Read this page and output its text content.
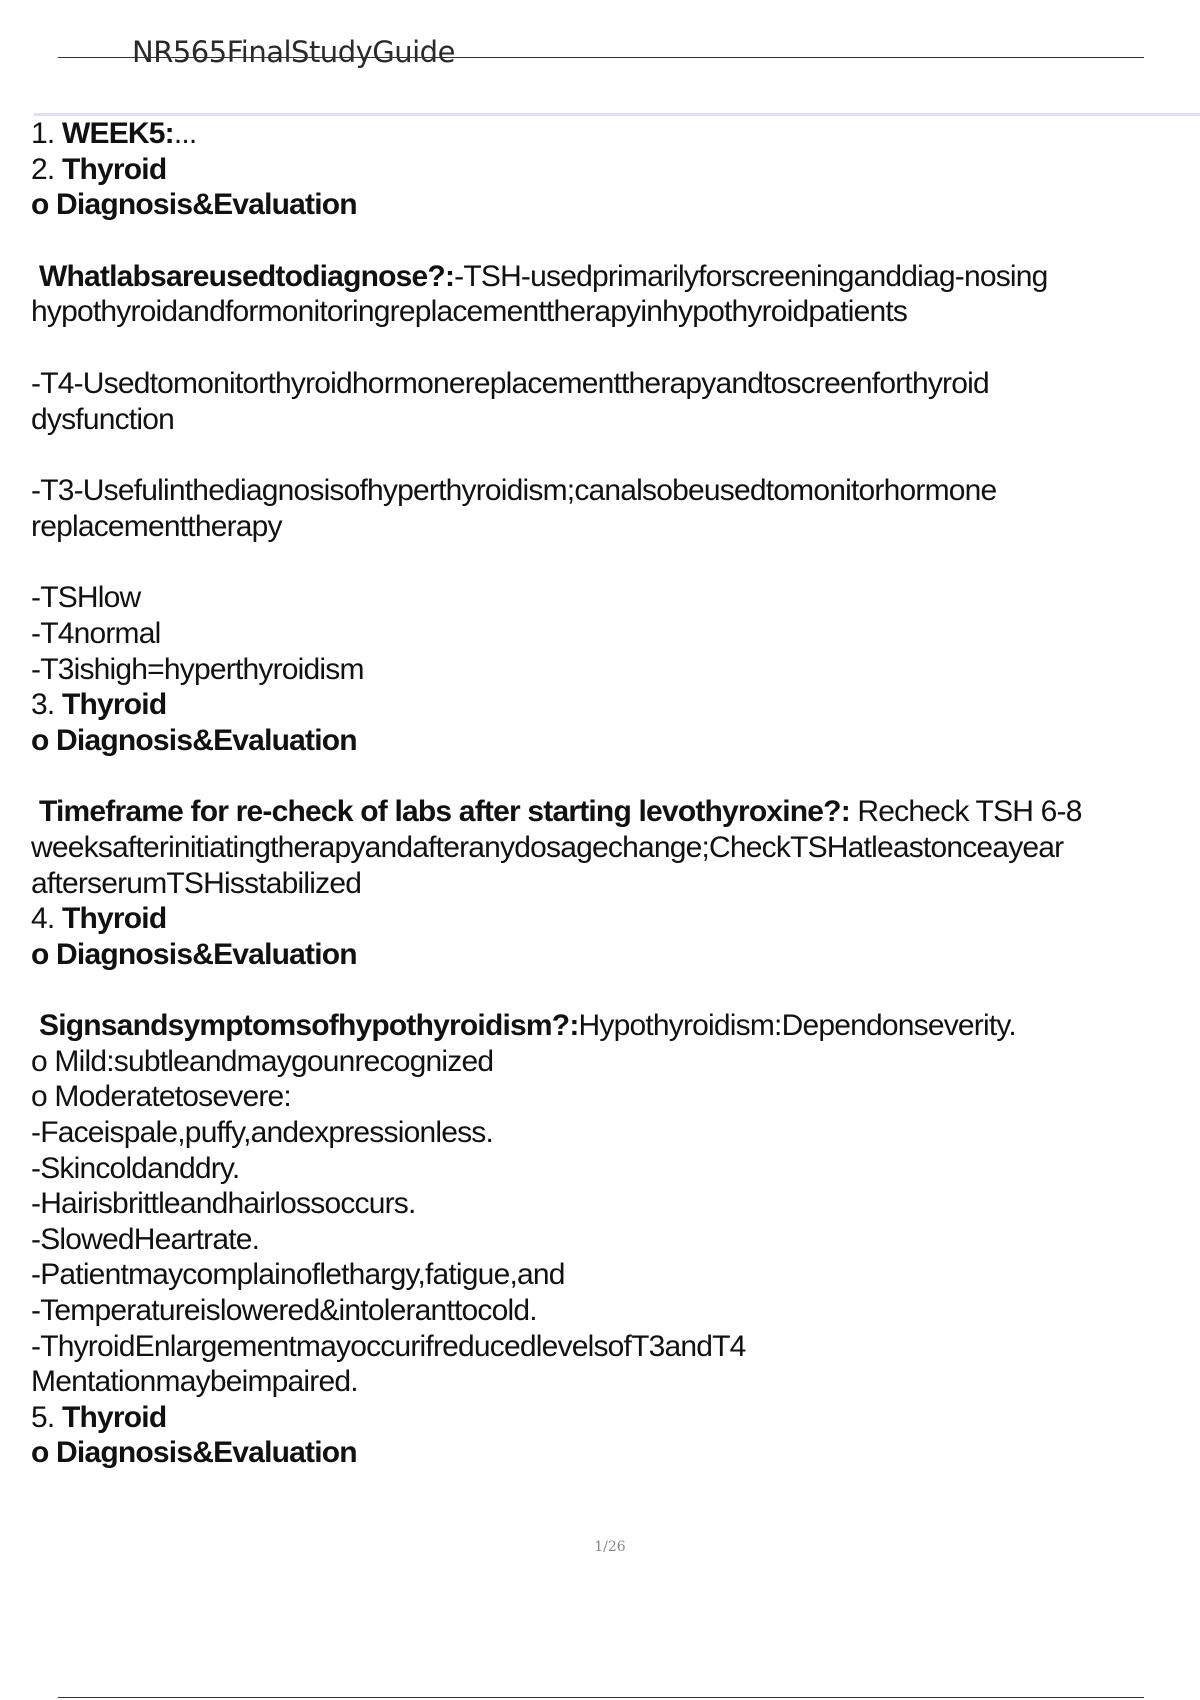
NR565FinalStudyGuide
1. WEEK5:...
2. Thyroid
o Diagnosis&Evaluation
Whatlabsareusedtodiagnose?:-TSH-usedprimarilyforscreeninganddiag-nosing
hypothyroidandformonitoringreplacementtherapyinhypothyroidpatients
-T4-Usedtomonitorthyroidhormonereplacementtherapyandtoscreenforthyroid
dysfunction
-T3-Usefulinthediagnosisofhyperthyroidism;canalsobeusedtomonitorhormone
replacementtherapy
-TSHlow
-T4normal
-T3ishigh=hyperthyroidism
3. Thyroid
o Diagnosis&Evaluation
Timeframe for re-check of labs after starting levothyroxine?: Recheck TSH 6-8
weeksafterinitiatingtherapyandafteranydosagechange;CheckTSHatleastonceayear
afterserumTSHisstabilized
4. Thyroid
o Diagnosis&Evaluation
Signsandsymptomsofhypothyroidism?:Hypothyroidism:Dependonseverity.
o Mild:subtleandmaygounrecognized
o Moderatetosevere:
-Faceispale,puffy,andexpressionless.
-Skincoldanddry.
-Hairisbrittleandhairlossoccurs.
-SlowedHeartrate.
-Patientmaycomplainoflethargy,fatigue,and
-Temperatureislowered&intoleranttocold.
-ThyroidEnlargementmayoccurifreducedlevelsofT3andT4
Mentationmaybeimpaired.
5. Thyroid
o Diagnosis&Evaluation
1/26
